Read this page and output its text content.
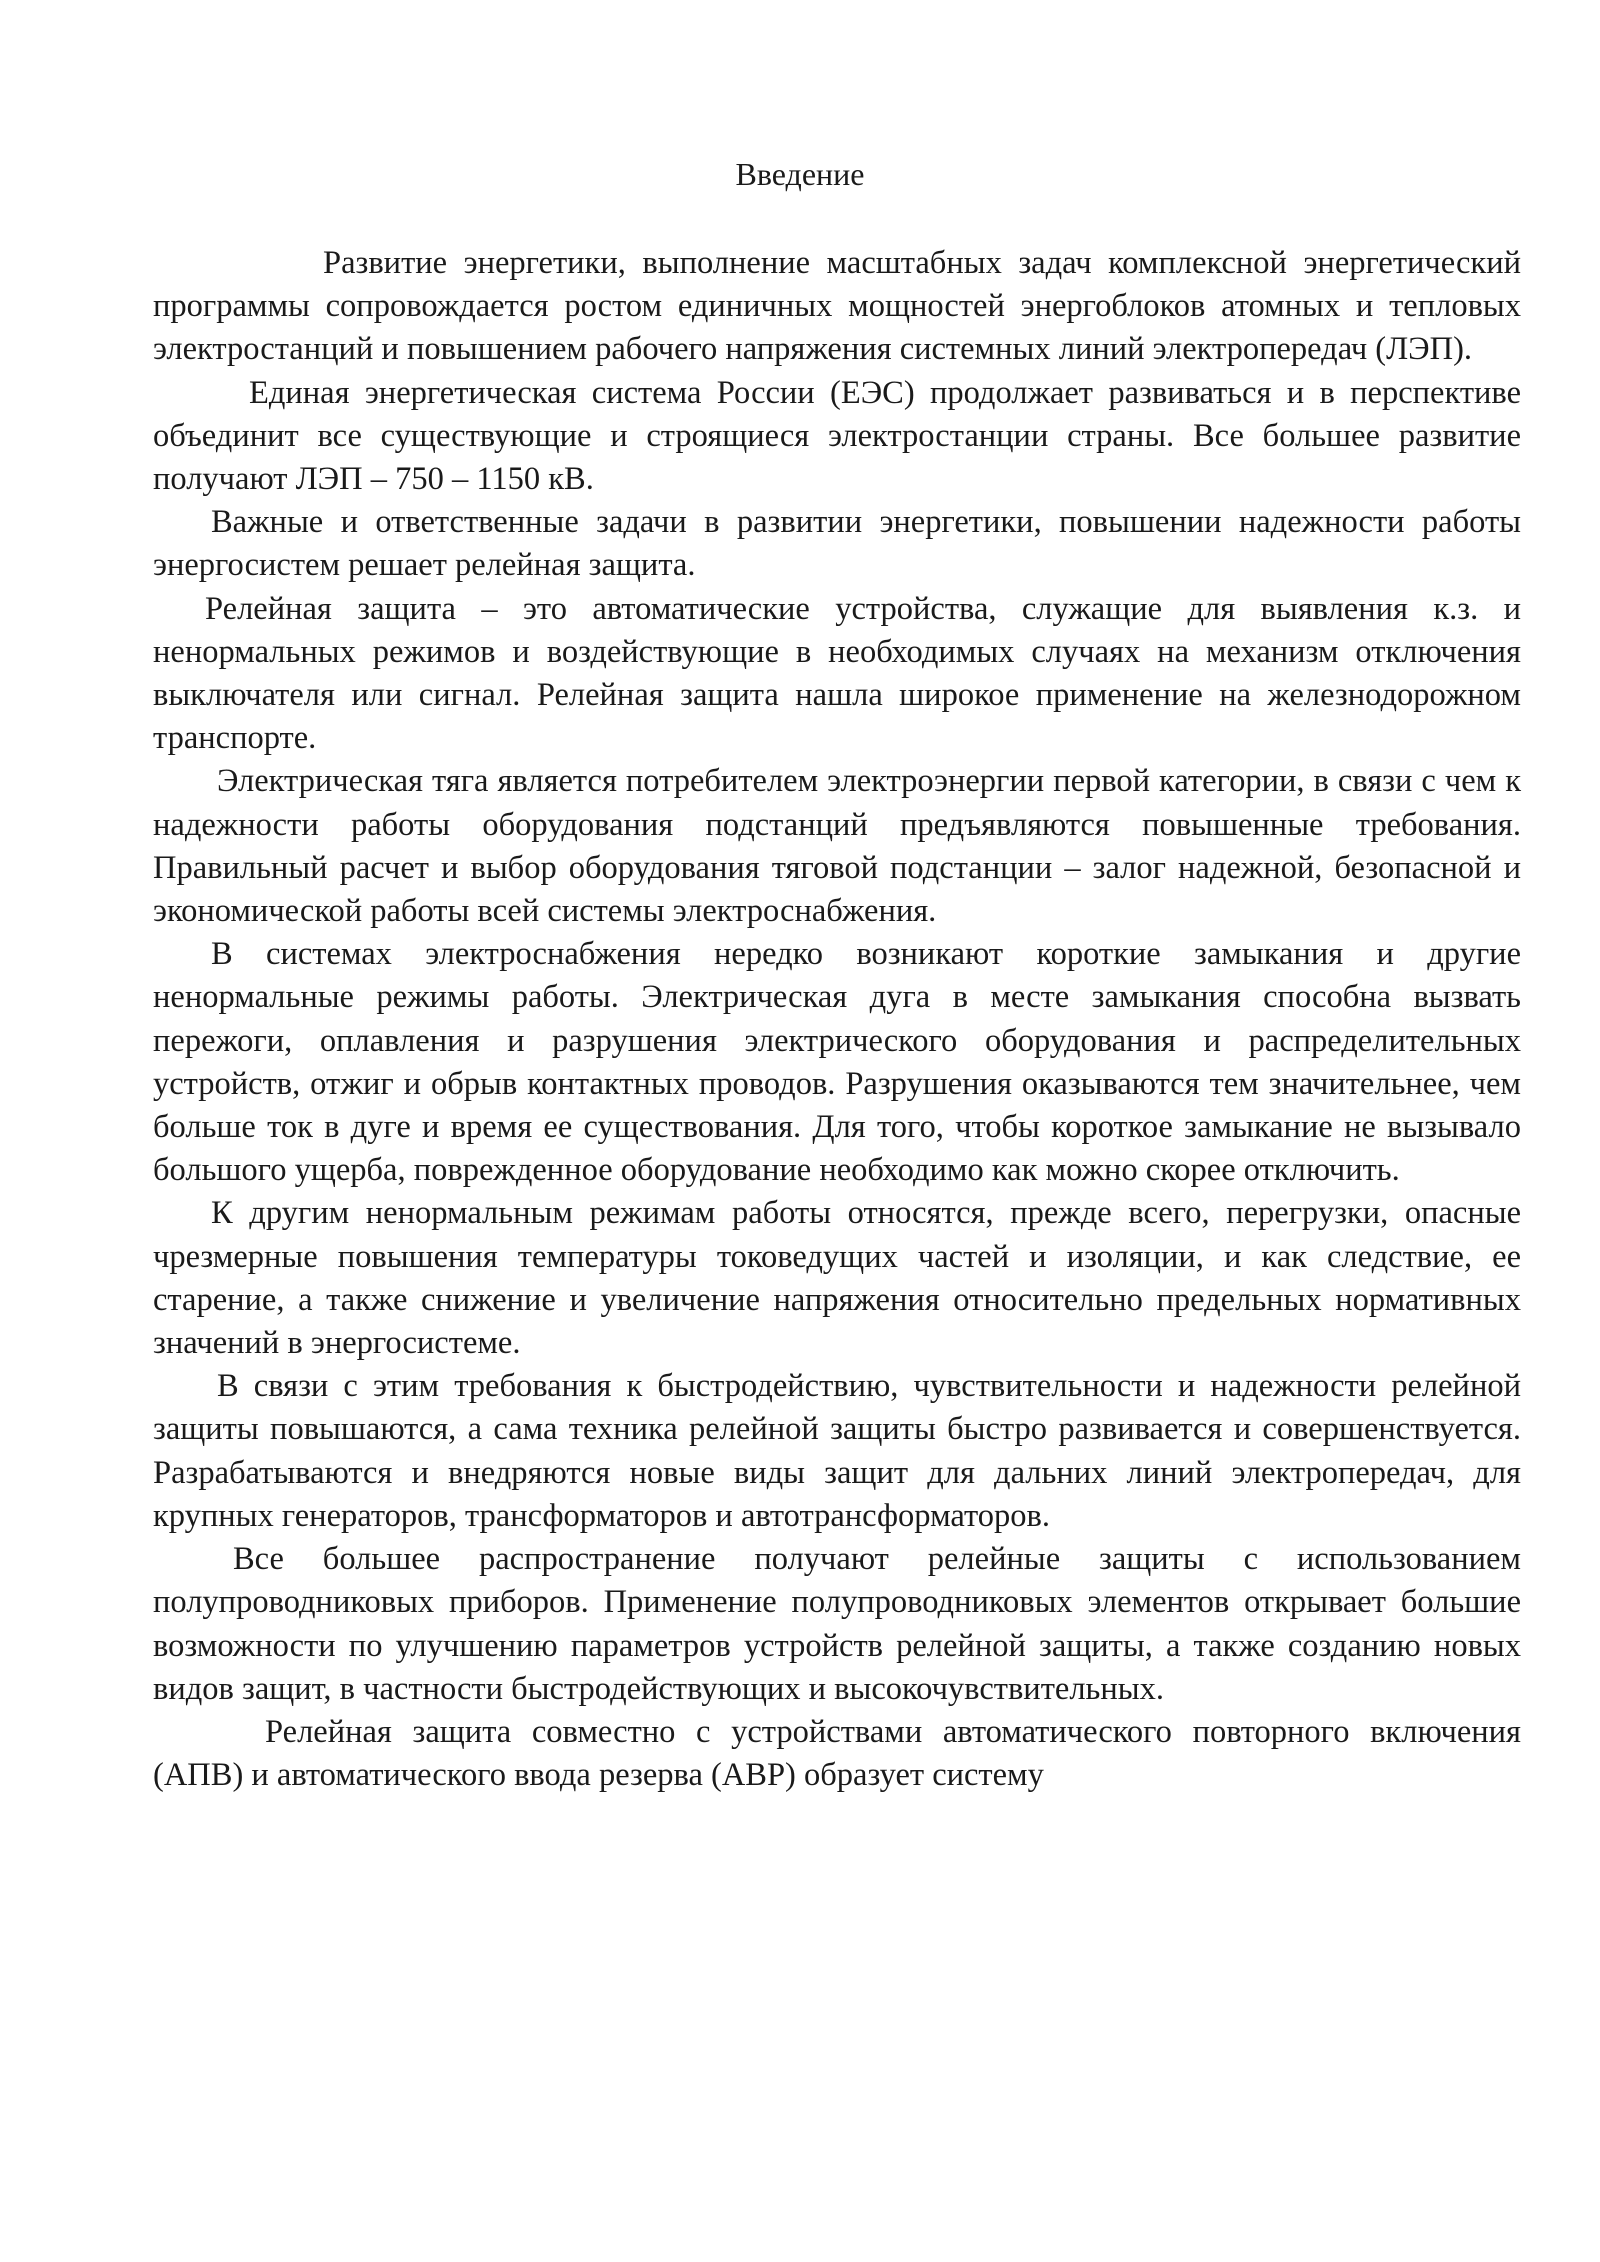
Введение

Развитие энергетики, выполнение масштабных задач комплексной энергетический программы сопровождается ростом единичных мощностей энергоблоков атомных и тепловых электростанций и повышением рабочего напряжения системных линий электропередач (ЛЭП).

Единая энергетическая система России (ЕЭС) продолжает развиваться и в перспективе объединит все существующие и строящиеся электростанции страны. Все большее развитие получают ЛЭП – 750 – 1150 кВ.

Важные и ответственные задачи в развитии энергетики, повышении надежности работы энергосистем решает релейная защита.

Релейная защита – это автоматические устройства, служащие для выявления к.з. и ненормальных режимов и воздействующие в необходимых случаях на механизм отключения выключателя или сигнал. Релейная защита нашла широкое применение на железнодорожном транспорте.

Электрическая тяга является потребителем электроэнергии первой категории, в связи с чем к надежности работы оборудования подстанций предъявляются повышенные требования. Правильный расчет и выбор оборудования тяговой подстанции – залог надежной, безопасной и экономической работы всей системы электроснабжения.

В системах электроснабжения нередко возникают короткие замыкания и другие ненормальные режимы работы. Электрическая дуга в месте замыкания способна вызвать пережоги, оплавления и разрушения электрического оборудования и распределительных устройств, отжиг и обрыв контактных проводов. Разрушения оказываются тем значительнее, чем больше ток в дуге и время ее существования. Для того, чтобы короткое замыкание не вызывало большого ущерба, поврежденное оборудование необходимо как можно скорее отключить.

К другим ненормальным режимам работы относятся, прежде всего, перегрузки, опасные чрезмерные повышения температуры токоведущих частей и изоляции, и как следствие, ее старение, а также снижение и увеличение напряжения относительно предельных нормативных значений в энергосистеме.

В связи с этим требования к быстродействию, чувствительности и надежности релейной защиты повышаются, а сама техника релейной защиты быстро развивается и совершенствуется. Разрабатываются и внедряются новые виды защит для дальних линий электропередач, для крупных генераторов, трансформаторов и автотрансформаторов.

Все большее распространение получают релейные защиты с использованием полупроводниковых приборов. Применение полупроводниковых элементов открывает большие возможности по улучшению параметров устройств релейной защиты, а также созданию новых видов защит, в частности быстродействующих и высокочувствительных.

Релейная защита совместно с устройствами автоматического повторного включения (АПВ) и автоматического ввода резерва (АВР) образует систему
